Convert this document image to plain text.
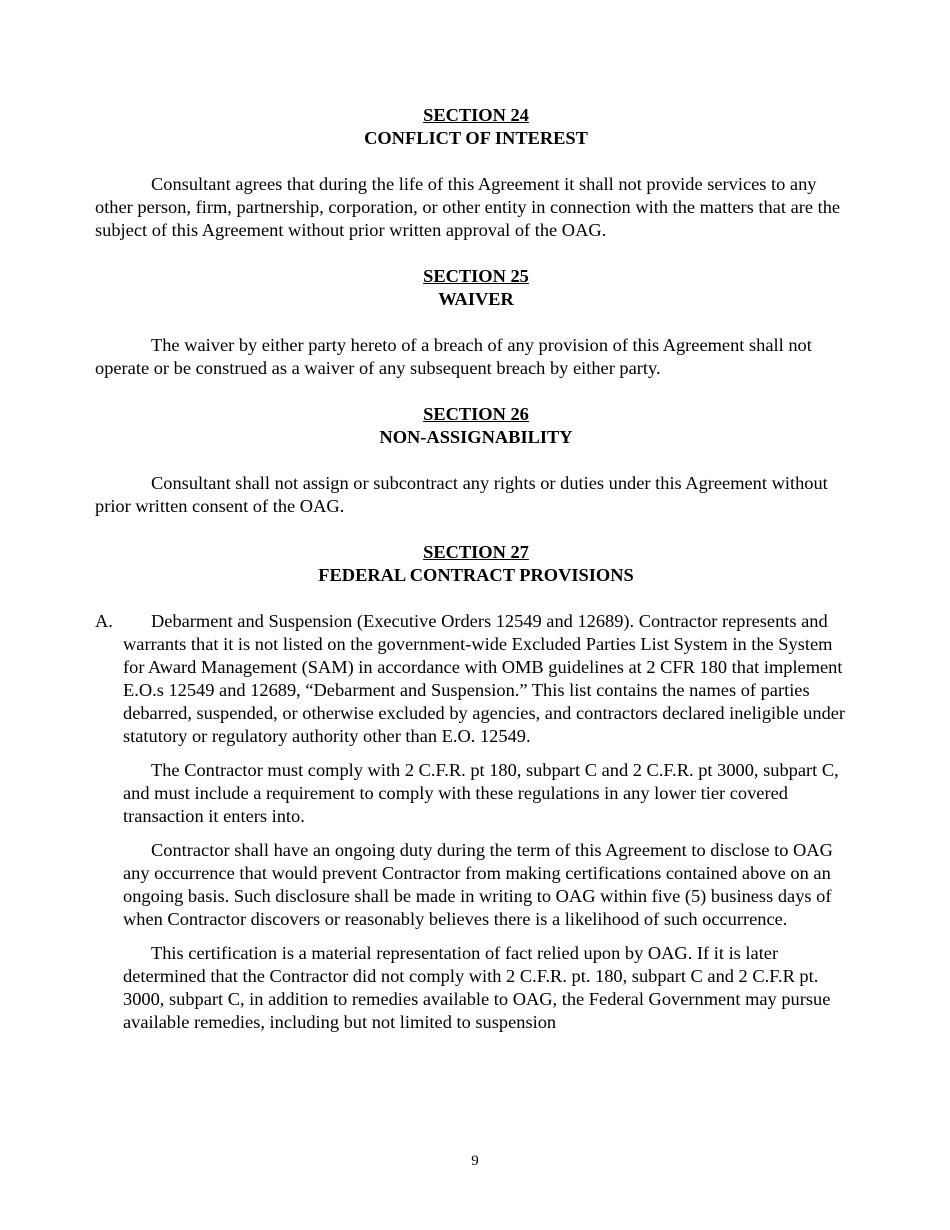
SECTION 24
CONFLICT OF INTEREST

Consultant agrees that during the life of this Agreement it shall not provide services to any other person, firm, partnership, corporation, or other entity in connection with the matters that are the subject of this Agreement without prior written approval of the OAG.

SECTION 25
WAIVER

The waiver by either party hereto of a breach of any provision of this Agreement shall not operate or be construed as a waiver of any subsequent breach by either party.

SECTION 26
NON-ASSIGNABILITY

Consultant shall not assign or subcontract any rights or duties under this Agreement without prior written consent of the OAG.

SECTION 27
FEDERAL CONTRACT PROVISIONS
A.	Debarment and Suspension (Executive Orders 12549 and 12689). Contractor represents and warrants that it is not listed on the government-wide Excluded Parties List System in the System for Award Management (SAM) in accordance with OMB guidelines at 2 CFR 180 that implement E.O.s 12549 and 12689, “Debarment and Suspension.” This list contains the names of parties debarred, suspended, or otherwise excluded by agencies, and contractors declared ineligible under statutory or regulatory authority other than E.O. 12549.

The Contractor must comply with 2 C.F.R. pt 180, subpart C and 2 C.F.R. pt 3000, subpart C, and must include a requirement to comply with these regulations in any lower tier covered transaction it enters into.

Contractor shall have an ongoing duty during the term of this Agreement to disclose to OAG any occurrence that would prevent Contractor from making certifications contained above on an ongoing basis. Such disclosure shall be made in writing to OAG within five (5) business days of when Contractor discovers or reasonably believes there is a likelihood of such occurrence.

This certification is a material representation of fact relied upon by OAG. If it is later determined that the Contractor did not comply with 2 C.F.R. pt. 180, subpart C and 2 C.F.R pt. 3000, subpart C, in addition to remedies available to OAG, the Federal Government may pursue available remedies, including but not limited to suspension

9
